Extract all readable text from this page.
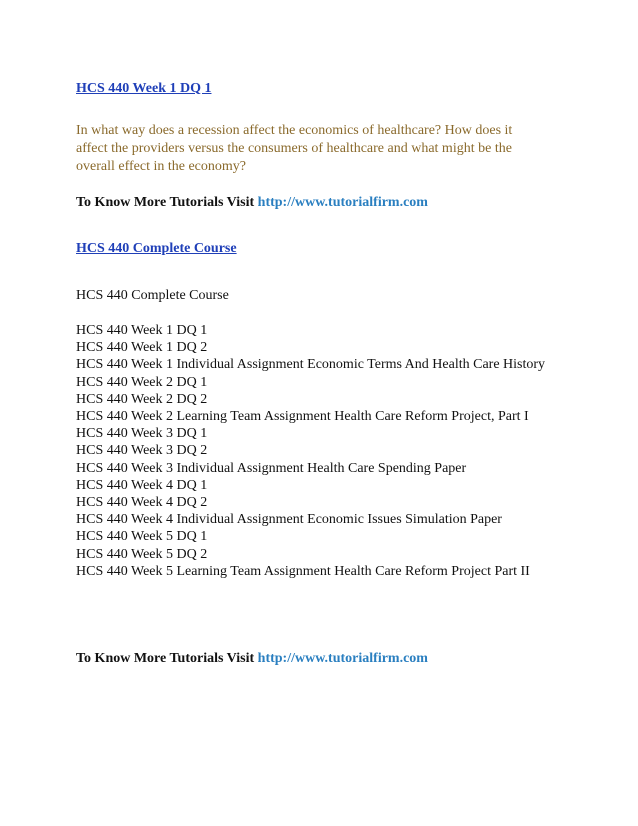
HCS 440 Week 1 DQ 1
In what way does a recession affect the economics of healthcare? How does it affect the providers versus the consumers of healthcare and what might be the overall effect in the economy?
To Know More Tutorials Visit http://www.tutorialfirm.com
HCS 440 Complete Course
HCS 440 Complete Course
HCS 440 Week 1 DQ 1
HCS 440 Week 1 DQ 2
HCS 440 Week 1 Individual Assignment Economic Terms And Health Care History
HCS 440 Week 2 DQ 1
HCS 440 Week 2 DQ 2
HCS 440 Week 2 Learning Team Assignment Health Care Reform Project, Part I
HCS 440 Week 3 DQ 1
HCS 440 Week 3 DQ 2
HCS 440 Week 3 Individual Assignment Health Care Spending Paper
HCS 440 Week 4 DQ 1
HCS 440 Week 4 DQ 2
HCS 440 Week 4 Individual Assignment Economic Issues Simulation Paper
HCS 440 Week 5 DQ 1
HCS 440 Week 5 DQ 2
HCS 440 Week 5 Learning Team Assignment Health Care Reform Project Part II
To Know More Tutorials Visit http://www.tutorialfirm.com
